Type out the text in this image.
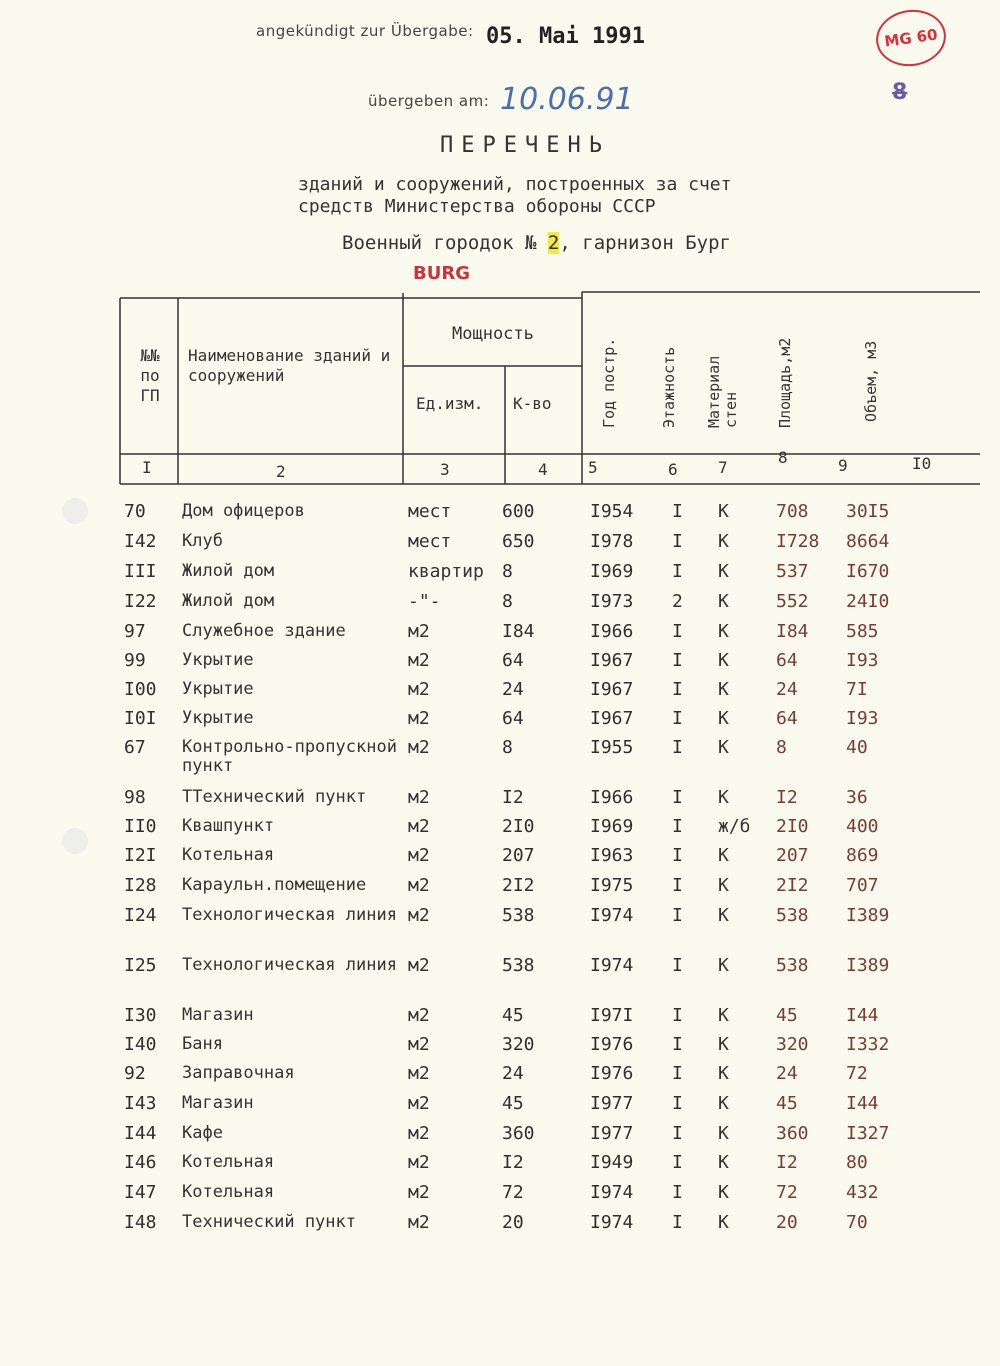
angekündigt zur Übergabe: 05. Mai 1991
übergeben am: 10.06.91
MG 60
8
ПЕРЕЧЕНЬ
зданий и сооружений, построенных за счет
средств Министерства обороны СССР
Военный городок № 2, гарнизон Бург
BURG
№№ по ГП
Наименование зданий и сооружений
Мощность
Ед.изм. К-во	Год постр.	Этажность Материал стен Площадь,м2	Объем, м3
I	2	3	4	5	6	7
8	9	I0
70 Дом офицеров	мест	600	I954 I К	708 30I5
I42 Клуб	мест	650	I978 I К	I728 8664
III Жилой дом	квартир 8	I969 I К	537 I670
I22 Жилой дом	-"-	8	I973 2 К	552 24I0
97 Служебное здание	м2	I84	I966 I К	I84 585
99 Укрытие	м2	64	I967 I К	64	I93
I00 Укрытие	м2	24	I967 I К	24	7I
I0I Укрытие	м2	64	I967 I К	64	I93
67 Контрольно-пропускной пункт
м2	8	I955 I К	8	40
98 ТТехнический пункт	м2	I2	I966 I К	I2	36
II0 Квашпункт	м2	2I0	I969 I ж/б 2I0 400
I2I Котельная	м2	207	I963 I К	207 869
I28 Караульн.помещение	м2	2I2	I975 I К	2I2 707
I24 Технологическая линия м2	538	I974 I К	538 I389
I25 Технологическая линия м2	538	I974 I К	538 I389
I30 Магазин	м2	45	I97I I К	45	I44
I40 Баня	м2	320	I976 I К	320 I332
92 Заправочная	м2	24	I976 I К	24	72
I43 Магазин	м2	45	I977 I К	45	I44
I44 Кафе	м2	360	I977 I К	360 I327
I46 Котельная	м2	I2	I949 I К	I2	80
I47 Котельная	м2	72	I974 I К	72	432
I48 Технический пункт	м2	20	I974 I К	20	70
